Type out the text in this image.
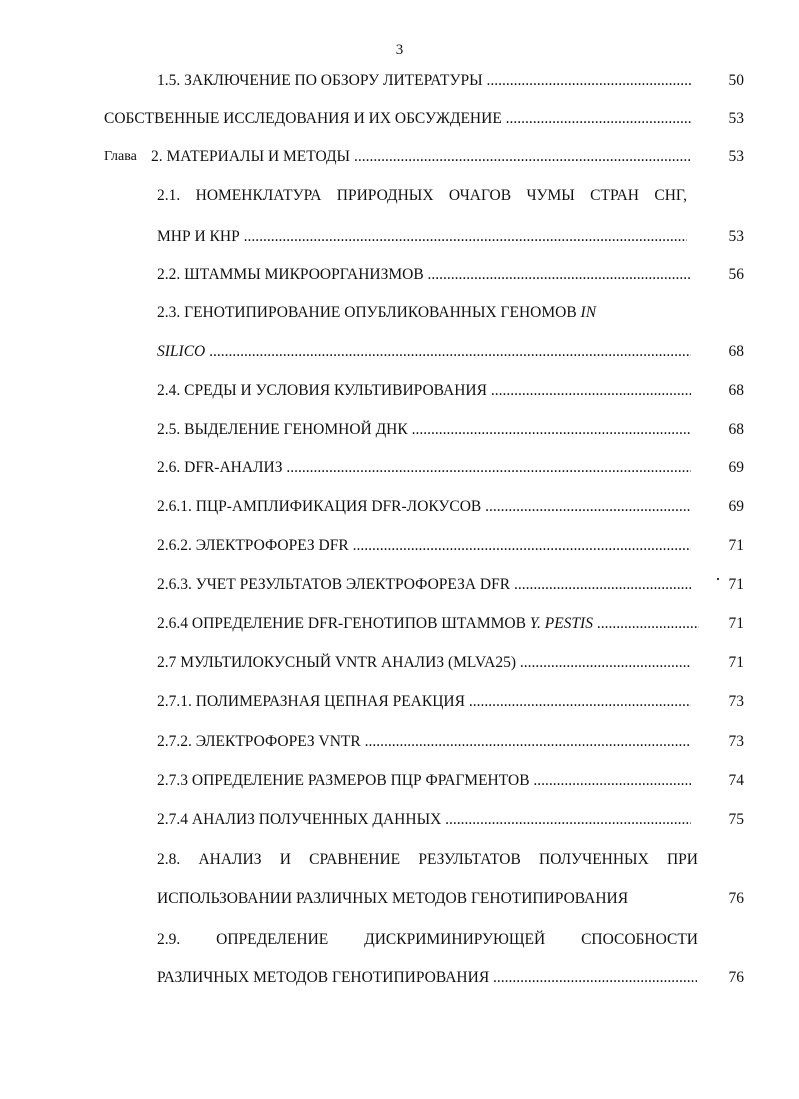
3
1.5. ЗАКЛЮЧЕНИЕ ПО ОБЗОРУ ЛИТЕРАТУРЫ .....	50
СОБСТВЕННЫЕ ИССЛЕДОВАНИЯ И ИХ ОБСУЖДЕНИЕ .....	53
Глава 2. МАТЕРИАЛЫ И МЕТОДЫ .....	53
2.1. НОМЕНКЛАТУРА ПРИРОДНЫХ ОЧАГОВ ЧУМЫ СТРАН СНГ,
МНР И КНР .....	53
2.2. ШТАММЫ МИКРООРГАНИЗМОВ .....	56
2.3. ГЕНОТИПИРОВАНИЕ ОПУБЛИКОВАННЫХ ГЕНОМОВ IN
SILICO .....	68
2.4. СРЕДЫ И УСЛОВИЯ КУЛЬТИВИРОВАНИЯ .....	68
2.5. ВЫДЕЛЕНИЕ ГЕНОМНОЙ ДНК .....	68
2.6. DFR-АНАЛИЗ .....	69
2.6.1. ПЦР-АМПЛИФИКАЦИЯ DFR-ЛОКУСОВ .....	69
2.6.2. ЭЛЕКТРОФОРЕЗ DFR .....	71
2.6.3. УЧЕТ РЕЗУЛЬТАТОВ ЭЛЕКТРОФОРЕЗА DFR .....	71
2.6.4 ОПРЕДЕЛЕНИЕ DFR-ГЕНОТИПОВ ШТАММОВ Y. PESTIS .....	71
2.7 МУЛЬТИЛОКУСНЫЙ VNTR АНАЛИЗ (MLVA25) .....	71
2.7.1. ПОЛИМЕРАЗНАЯ ЦЕПНАЯ РЕАКЦИЯ .....	73
2.7.2. ЭЛЕКТРОФОРЕЗ VNTR .....	73
2.7.3 ОПРЕДЕЛЕНИЕ РАЗМЕРОВ ПЦР ФРАГМЕНТОВ .....	74
2.7.4 АНАЛИЗ ПОЛУЧЕННЫХ ДАННЫХ .....	75
2.8. АНАЛИЗ И СРАВНЕНИЕ РЕЗУЛЬТАТОВ ПОЛУЧЕННЫХ ПРИ
ИСПОЛЬЗОВАНИИ РАЗЛИЧНЫХ МЕТОДОВ ГЕНОТИПИРОВАНИЯ	76
2.9. ОПРЕДЕЛЕНИЕ ДИСКРИМИНИРУЮЩЕЙ СПОСОБНОСТИ
РАЗЛИЧНЫХ МЕТОДОВ ГЕНОТИПИРОВАНИЯ .....	76
